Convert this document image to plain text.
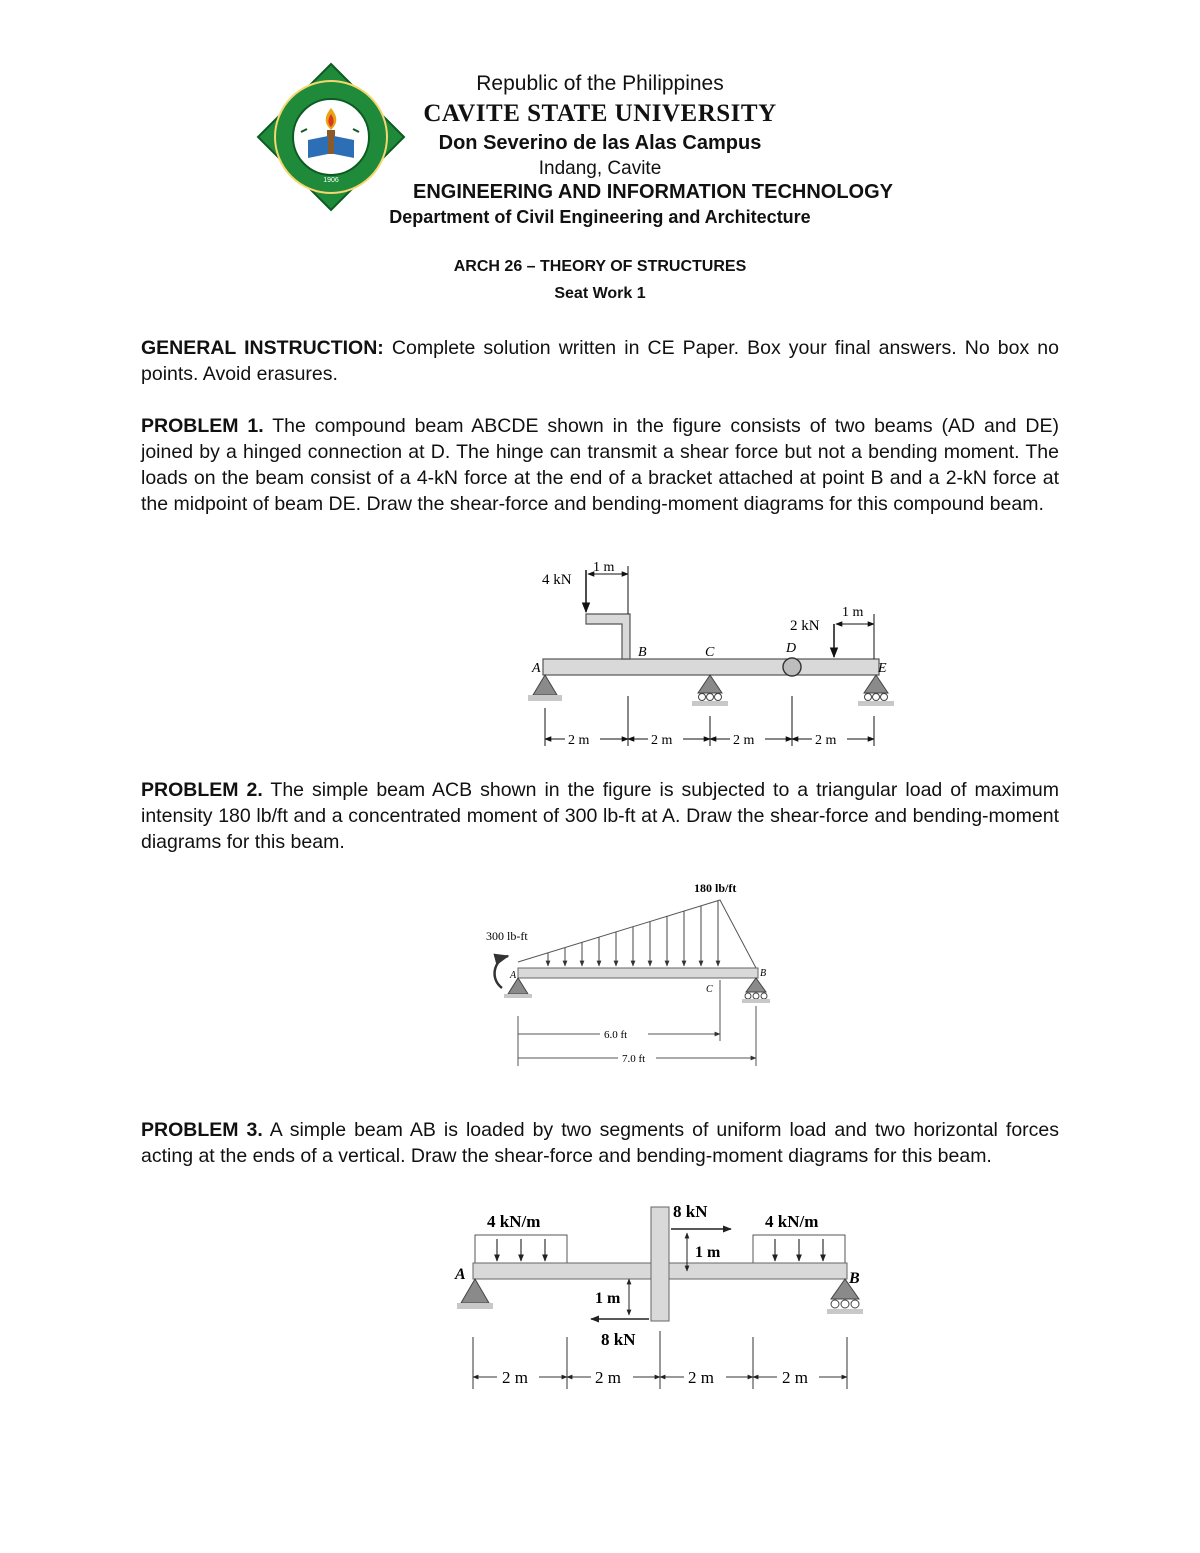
1906
Republic of the Philippines
CAVITE STATE UNIVERSITY
Don Severino de las Alas Campus
Indang, Cavite
ENGINEERING AND INFORMATION TECHNOLOGY
Department of Civil Engineering and Architecture
ARCH 26 – THEORY OF STRUCTURES
Seat Work 1

GENERAL INSTRUCTION: Complete solution written in CE Paper. Box your final answers. No box no points. Avoid erasures.

PROBLEM 1. The compound beam ABCDE shown in the figure consists of two beams (AD and DE) joined by a hinged connection at D. The hinge can transmit a shear force but not a bending moment. The loads on the beam consist of a 4-kN force at the end of a bracket attached at point B and a 2-kN force at the midpoint of beam DE. Draw the shear-force and bending-moment diagrams for this compound beam.

4 kN
1 m
2 kN
1 m
A
B	C	D
E
2 m	2 m	2 m	2 m

PROBLEM 2. The simple beam ACB shown in the figure is subjected to a triangular load of maximum intensity 180 lb/ft and a concentrated moment of 300 lb-ft at A. Draw the shear-force and bending-moment diagrams for this beam.

180 lb/ft
300 lb-ft
A
C
B
6.0 ft
7.0 ft

PROBLEM 3. A simple beam AB is loaded by two segments of uniform load and two horizontal forces acting at the ends of a vertical. Draw the shear-force and bending-moment diagrams for this beam.

4 kN/m	4 kN/m
8 kN
1 m
1 m
8 kN
A	B
2 m	2 m	2 m	2 m
